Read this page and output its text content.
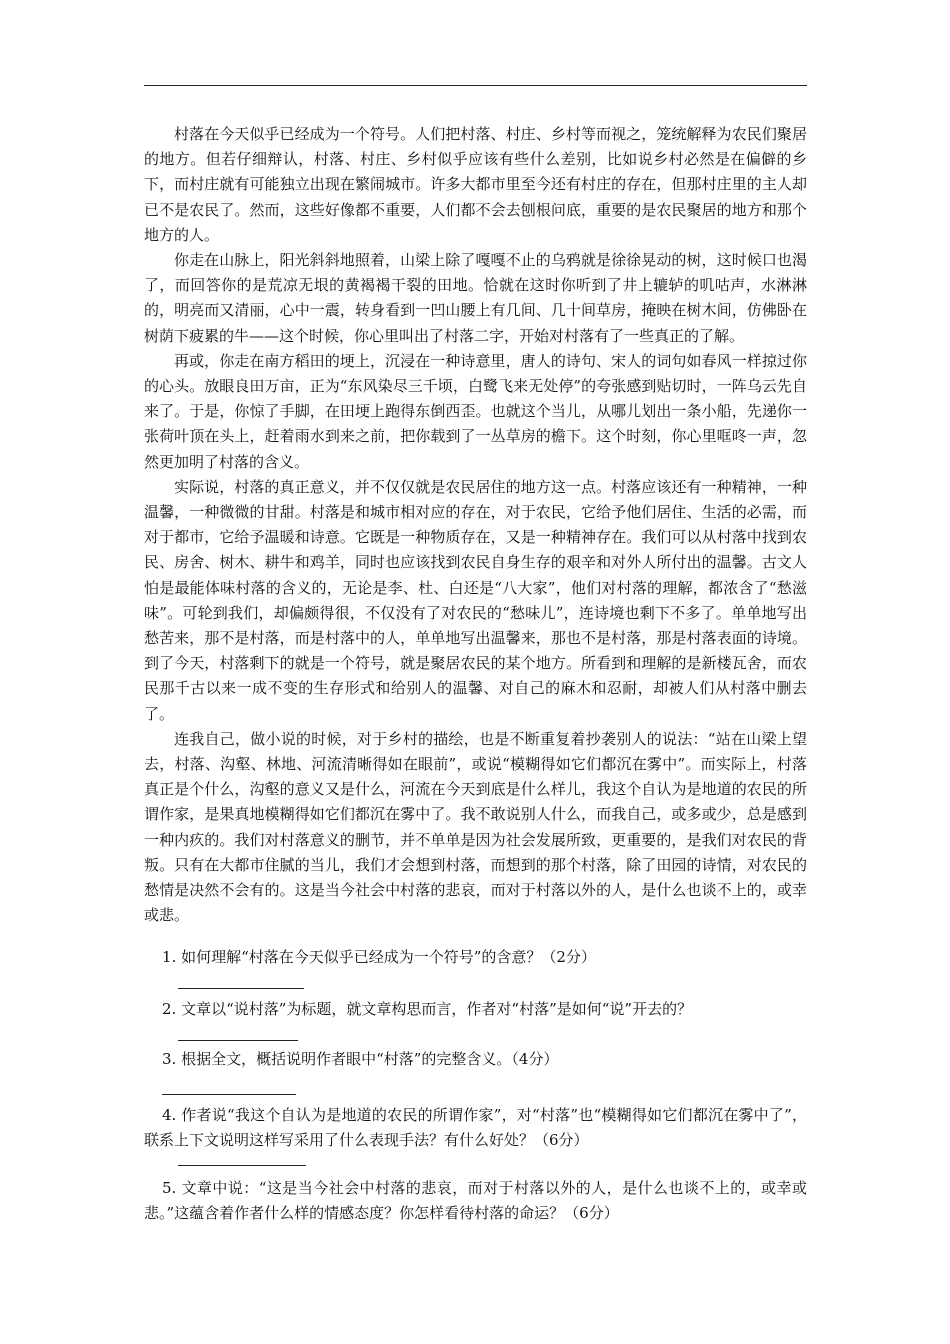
村落在今天似乎已经成为一个符号。人们把村落、村庄、乡村等而视之，笼统解释为农民们聚居的地方。但若仔细辩认，村落、村庄、乡村似乎应该有些什么差别，比如说乡村必然是在偏僻的乡下，而村庄就有可能独立出现在繁闹城市。许多大都市里至今还有村庄的存在，但那村庄里的主人却已不是农民了。然而，这些好像都不重要，人们都不会去刨根问底，重要的是农民聚居的地方和那个地方的人。

你走在山脉上，阳光斜斜地照着，山梁上除了嘎嘎不止的乌鸦就是徐徐晃动的树，这时候口也渴了，而回答你的是荒凉无垠的黄褐褐干裂的田地。恰就在这时你听到了井上辘轳的叽咕声，水淋淋的，明亮而又清丽，心中一震，转身看到一凹山腰上有几间、几十间草房，掩映在树木间，仿佛卧在树荫下疲累的牛——这个时候，你心里叫出了村落二字，开始对村落有了一些真正的了解。

再或，你走在南方稻田的埂上，沉浸在一种诗意里，唐人的诗句、宋人的词句如春风一样掠过你的心头。放眼良田万亩，正为“东风染尽三千顷，白鹭飞来无处停”的夸张感到贴切时，一阵乌云先自来了。于是，你惊了手脚，在田埂上跑得东倒西歪。也就这个当儿，从哪儿划出一条小船，先递你一张荷叶顶在头上，赶着雨水到来之前，把你载到了一丛草房的檐下。这个时刻，你心里哐咚一声，忽然更加明了村落的含义。

实际说，村落的真正意义，并不仅仅就是农民居住的地方这一点。村落应该还有一种精神，一种温馨，一种微微的甘甜。村落是和城市相对应的存在，对于农民，它给予他们居住、生活的必需，而对于都市，它给予温暖和诗意。它既是一种物质存在，又是一种精神存在。我们可以从村落中找到农民、房舍、树木、耕牛和鸡羊，同时也应该找到农民自身生存的艰辛和对外人所付出的温馨。古文人怕是最能体味村落的含义的，无论是李、杜、白还是“八大家”，他们对村落的理解，都浓含了“愁滋味”。可轮到我们，却偏颇得很，不仅没有了对农民的“愁味儿”，连诗境也剩下不多了。单单地写出愁苦来，那不是村落，而是村落中的人，单单地写出温馨来，那也不是村落，那是村落表面的诗境。到了今天，村落剩下的就是一个符号，就是聚居农民的某个地方。所看到和理解的是新楼瓦舍，而农民那千古以来一成不变的生存形式和给别人的温馨、对自己的麻木和忍耐，却被人们从村落中删去了。

连我自己，做小说的时候，对于乡村的描绘，也是不断重复着抄袭别人的说法：“站在山梁上望去，村落、沟壑、林地、河流清晰得如在眼前”，或说“模糊得如它们都沉在雾中”。而实际上，村落真正是个什么，沟壑的意义又是什么，河流在今天到底是什么样儿，我这个自认为是地道的农民的所谓作家，是果真地模糊得如它们都沉在雾中了。我不敢说别人什么，而我自己，或多或少，总是感到一种内疚的。我们对村落意义的删节，并不单单是因为社会发展所致，更重要的，是我们对农民的背叛。只有在大都市住腻的当儿，我们才会想到村落，而想到的那个村落，除了田园的诗情，对农民的愁情是决然不会有的。这是当今社会中村落的悲哀，而对于村落以外的人，是什么也谈不上的，或幸或悲。

1. 如何理解“村落在今天似乎已经成为一个符号”的含意？（2分）

2. 文章以“说村落”为标题，就文章构思而言，作者对“村落”是如何“说”开去的？

3. 根据全文，概括说明作者眼中“村落”的完整含义。（4分）

4. 作者说“我这个自认为是地道的农民的所谓作家”，对“村落”也“模糊得如它们都沉在雾中了”，联系上下文说明这样写采用了什么表现手法？有什么好处？（6分）

5. 文章中说：“这是当今社会中村落的悲哀，而对于村落以外的人，是什么也谈不上的，或幸或悲。”这蕴含着作者什么样的情感态度？你怎样看待村落的命运？（6分）
